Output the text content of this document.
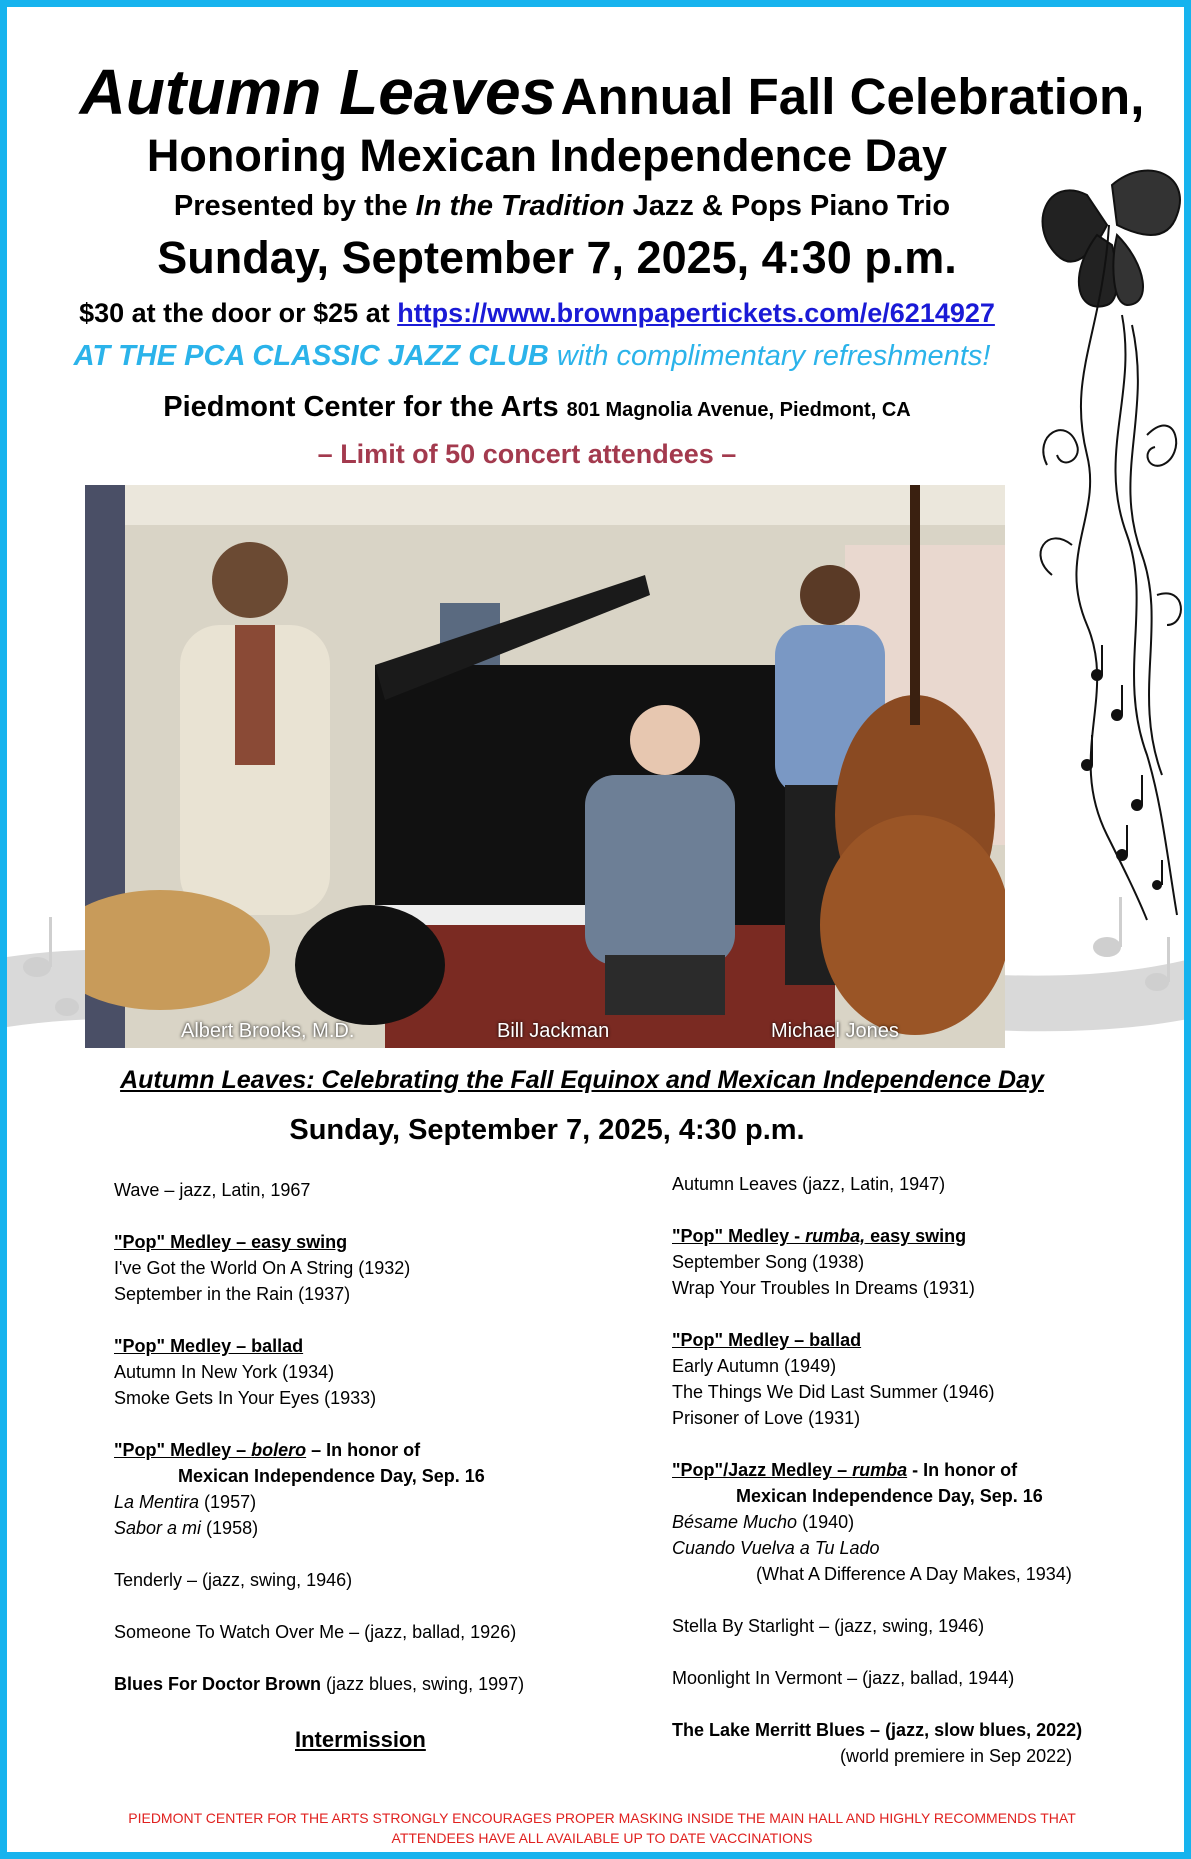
Autumn Leaves Annual Fall Celebration,
Honoring Mexican Independence Day
Presented by the In the Tradition Jazz & Pops Piano Trio
Sunday, September 7, 2025, 4:30 p.m.
$30 at the door or $25 at https://www.brownpapertickets.com/e/6214927
AT THE PCA CLASSIC JAZZ CLUB with complimentary refreshments!
Piedmont Center for the Arts 801 Magnolia Avenue, Piedmont, CA
– Limit of 50 concert attendees –
Albert Brooks, M.D.	Bill Jackman	Michael Jones
Autumn Leaves: Celebrating the Fall Equinox and Mexican Independence Day
Sunday, September 7, 2025, 4:30 p.m.
Wave – jazz, Latin, 1967
"Pop" Medley – easy swing
I've Got the World On A String (1932)
September in the Rain (1937)
"Pop" Medley – ballad
Autumn In New York (1934)
Smoke Gets In Your Eyes (1933)
"Pop" Medley – bolero – In honor of
Mexican Independence Day, Sep. 16
La Mentira (1957)
Sabor a mi (1958)
Tenderly – (jazz, swing, 1946)
Someone To Watch Over Me – (jazz, ballad, 1926)
Blues For Doctor Brown (jazz blues, swing, 1997)
Intermission
Autumn Leaves (jazz, Latin, 1947)
"Pop" Medley - rumba, easy swing
September Song (1938)
Wrap Your Troubles In Dreams (1931)
"Pop" Medley – ballad
Early Autumn (1949)
The Things We Did Last Summer (1946)
Prisoner of Love (1931)
"Pop"/Jazz Medley – rumba - In honor of
Mexican Independence Day, Sep. 16
Bésame Mucho (1940)
Cuando Vuelva a Tu Lado
(What A Difference A Day Makes, 1934)
Stella By Starlight – (jazz, swing, 1946)
Moonlight In Vermont – (jazz, ballad, 1944)
The Lake Merritt Blues – (jazz, slow blues, 2022)
(world premiere in Sep 2022)
PIEDMONT CENTER FOR THE ARTS STRONGLY ENCOURAGES PROPER MASKING INSIDE THE MAIN HALL AND HIGHLY RECOMMENDS THAT ATTENDEES HAVE ALL AVAILABLE UP TO DATE VACCINATIONS
